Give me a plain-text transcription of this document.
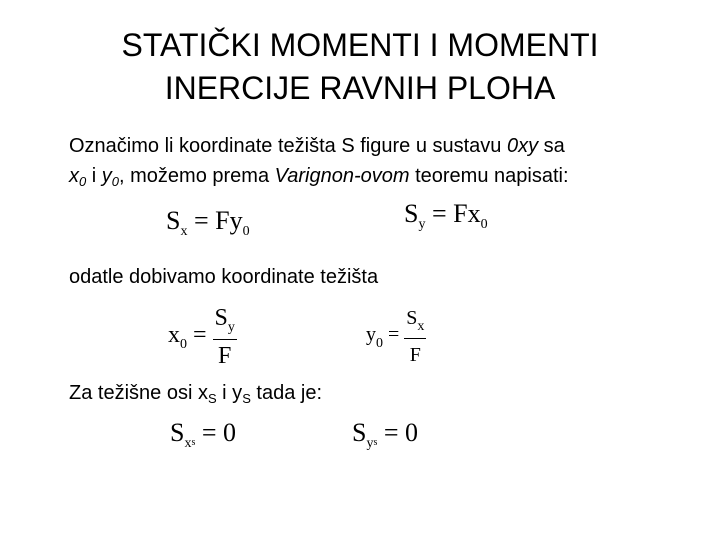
STATIČKI MOMENTI I MOMENTI
INERCIJE RAVNIH PLOHA
Označimo li koordinate težišta S figure u sustavu 0xy sa
$x_0$ i $y_0$, možemo prema Varignon-ovom teoremu napisati:
$S_x = Fy_0$
$S_y = Fx_0$
odatle dobivamo koordinate težišta
$x_0 = \frac{S_y}{F}$	$y_0 = \frac{S_x}{F}$
Za težišne osi $x_S$ i $y_S$ tada je:
$S_xs = 0$	$S_ys = 0$
